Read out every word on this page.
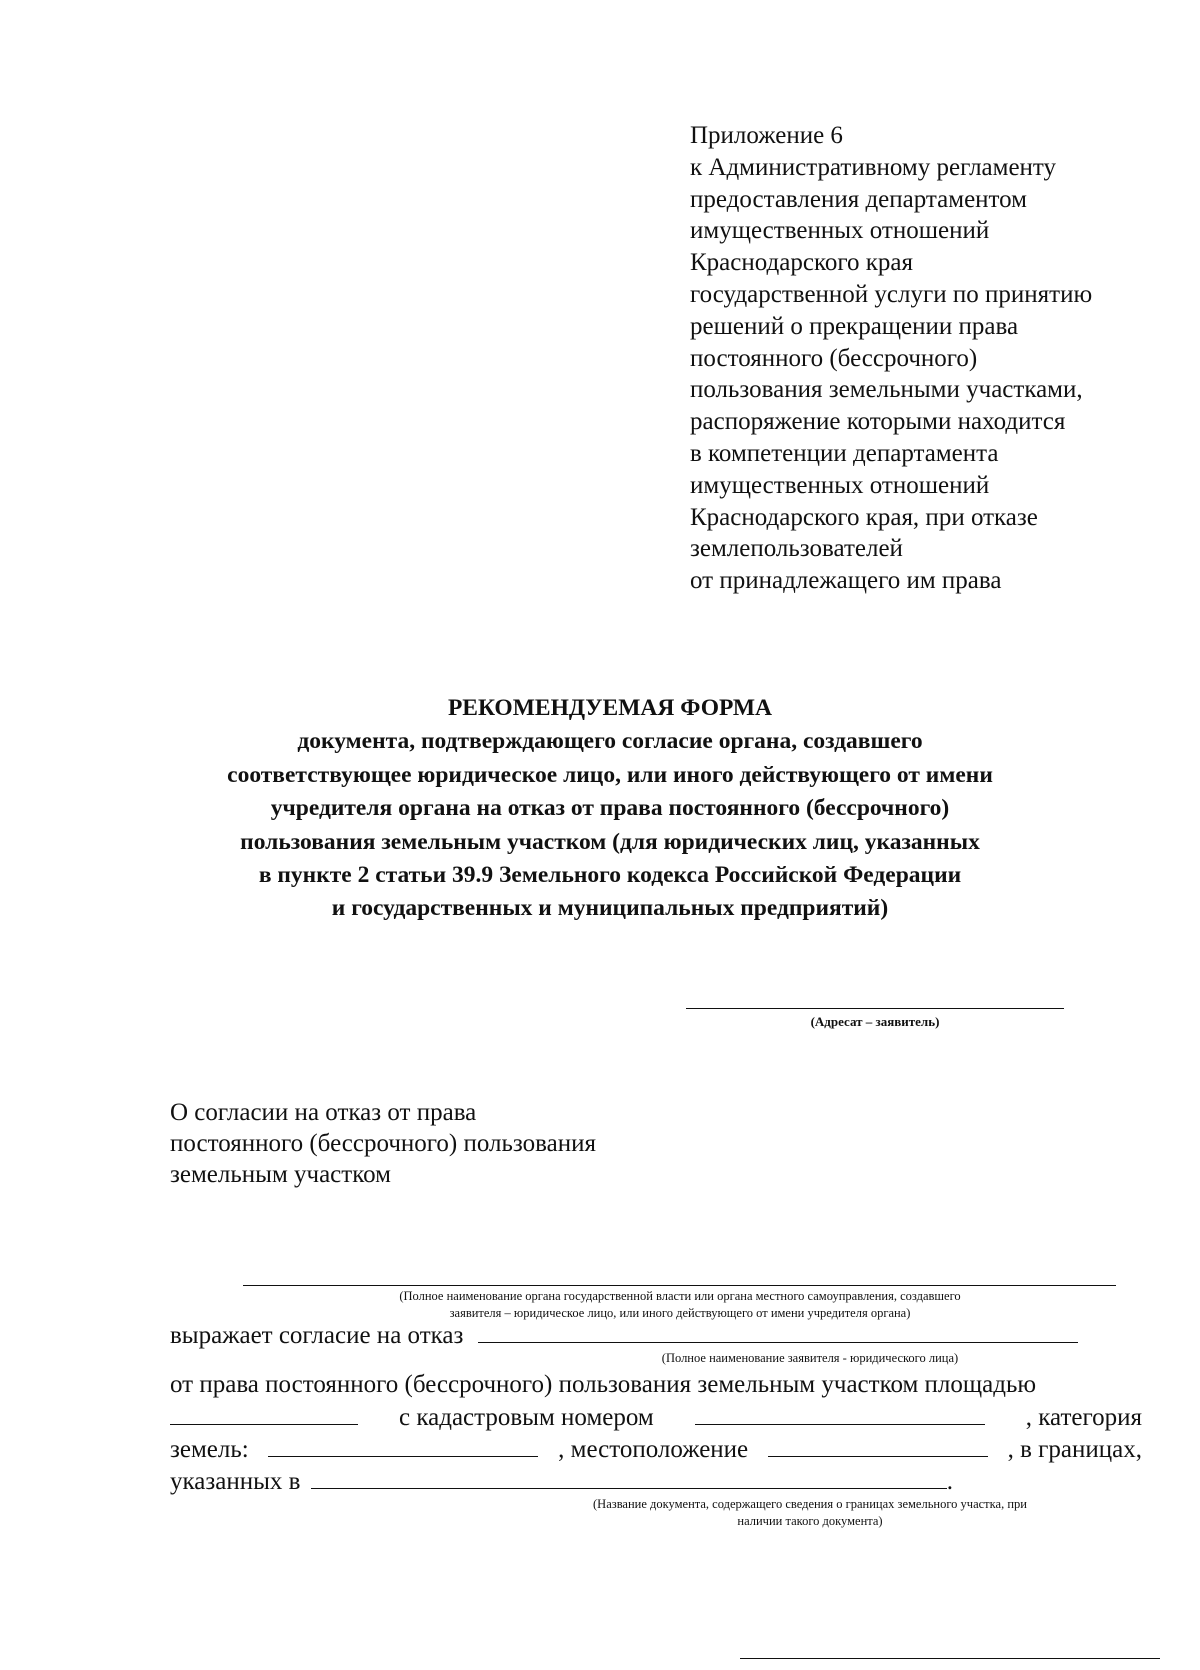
Приложение 6
к Административному регламенту
предоставления департаментом
имущественных отношений
Краснодарского края
государственной услуги по принятию
решений о прекращении права
постоянного (бессрочного)
пользования земельными участками,
распоряжение которыми находится
в компетенции департамента
имущественных отношений
Краснодарского края, при отказе
землепользователей
от принадлежащего им права
РЕКОМЕНДУЕМАЯ ФОРМА
документа, подтверждающего согласие органа, создавшего
соответствующее юридическое лицо, или иного действующего от имени
учредителя органа на отказ от права постоянного (бессрочного)
пользования земельным участком (для юридических лиц, указанных
в пункте 2 статьи 39.9 Земельного кодекса Российской Федерации
и государственных и муниципальных предприятий)
(Адресат – заявитель)
О согласии на отказ от права
постоянного (бессрочного) пользования
земельным участком
(Полное наименование органа государственной власти или органа местного самоуправления, создавшего
заявителя – юридическое лицо, или иного действующего от имени учредителя органа)
выражает согласие на отказ
(Полное наименование заявителя - юридического лица)
от права постоянного (бессрочного) пользования земельным участком площадью
с кадастровым номером	, категория
земель:	, местоположение	, в границах,
указанных в	.
(Название документа, содержащего сведения о границах земельного участка, при
наличии такого документа)
